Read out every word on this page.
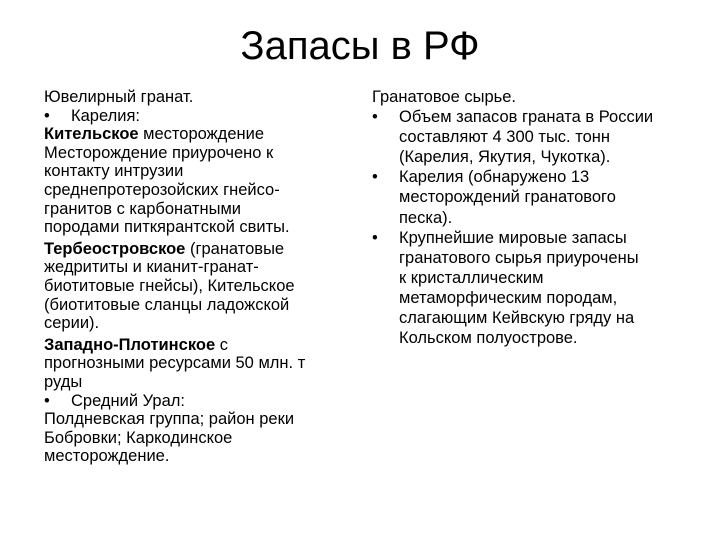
Запасы в РФ
Ювелирный гранат.
• Карелия:
Кительское месторождение
Месторождение приурочено к
контакту интрузии
среднепротерозойских гнейсо-
гранитов с карбонатными
породами питкярантской свиты.
Тербеостровское (гранатовые
жедрититы и кианит-гранат-
биотитовые гнейсы), Кительское
(биотитовые сланцы ладожской
серии).
Западно-Плотинское с
прогнозными ресурсами 50 млн. т
руды
• Средний Урал:
Полдневская группа; район реки
Бобровки; Каркодинское
месторождение.
Гранатовое сырье.
• Объем запасов граната в России
составляют 4 300 тыс. тонн
(Карелия, Якутия, Чукотка).
• Карелия (обнаружено 13
месторождений гранатового
песка).
• Крупнейшие мировые запасы
гранатового сырья приурочены
к кристаллическим
метаморфическим породам,
слагающим Кейвскую гряду на
Кольском полуострове.
